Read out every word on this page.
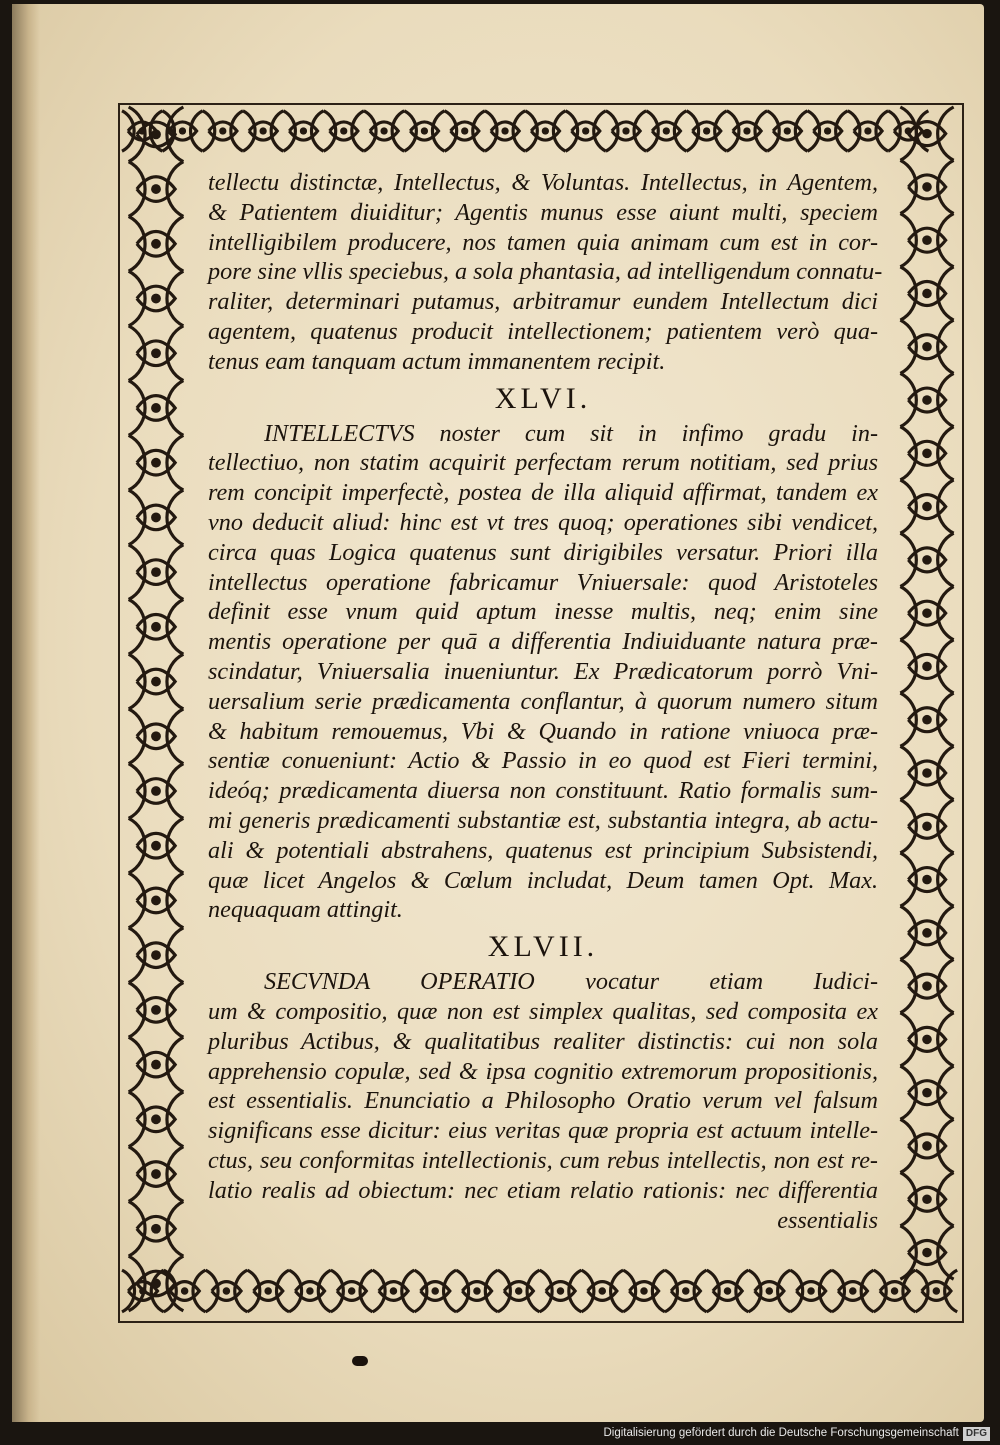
tellectu distinctæ, Intellectus, & Voluntas. Intellectus, in Agentem,
& Patientem diuiditur; Agentis munus esse aiunt multi, speciem
intelligibilem producere, nos tamen quia animam cum est in cor-
pore sine vllis speciebus, a sola phantasia, ad intelligendum connatu-
raliter, determinari putamus, arbitramur eundem Intellectum dici
agentem, quatenus producit intellectionem; patientem verò qua-
tenus eam tanquam actum immanentem recipit.
XLVI.
INTELLECTVS noster cum sit in infimo gradu in-
tellectiuo, non statim acquirit perfectam rerum notitiam, sed prius
rem concipit imperfectè, postea de illa aliquid affirmat, tandem ex
vno deducit aliud: hinc est vt tres quoq; operationes sibi vendicet,
circa quas Logica quatenus sunt dirigibiles versatur. Priori illa
intellectus operatione fabricamur Vniuersale: quod Aristoteles
definit esse vnum quid aptum inesse multis, neq; enim sine
mentis operatione per quā a differentia Indiuiduante natura præ-
scindatur, Vniuersalia inueniuntur. Ex Prædicatorum porrò Vni-
uersalium serie prædicamenta conflantur, à quorum numero situm
& habitum remouemus, Vbi & Quando in ratione vniuoca præ-
sentiæ conueniunt: Actio & Passio in eo quod est Fieri termini,
ideóq; prædicamenta diuersa non constituunt. Ratio formalis sum-
mi generis prædicamenti substantiæ est, substantia integra, ab actu-
ali & potentiali abstrahens, quatenus est principium Subsistendi,
quæ licet Angelos & Cœlum includat, Deum tamen Opt. Max.
nequaquam attingit.
XLVII.
SECVNDA OPERATIO vocatur etiam Iudici-
um & compositio, quæ non est simplex qualitas, sed composita ex
pluribus Actibus, & qualitatibus realiter distinctis: cui non sola
apprehensio copulæ, sed & ipsa cognitio extremorum propositionis,
est essentialis. Enunciatio a Philosopho Oratio verum vel falsum
significans esse dicitur: eius veritas quæ propria est actuum intelle-
ctus, seu conformitas intellectionis, cum rebus intellectis, non est re-
latio realis ad obiectum: nec etiam relatio rationis: nec differentia
essentialis
Digitalisierung gefördert durch die Deutsche Forschungsgemeinschaft DFG
